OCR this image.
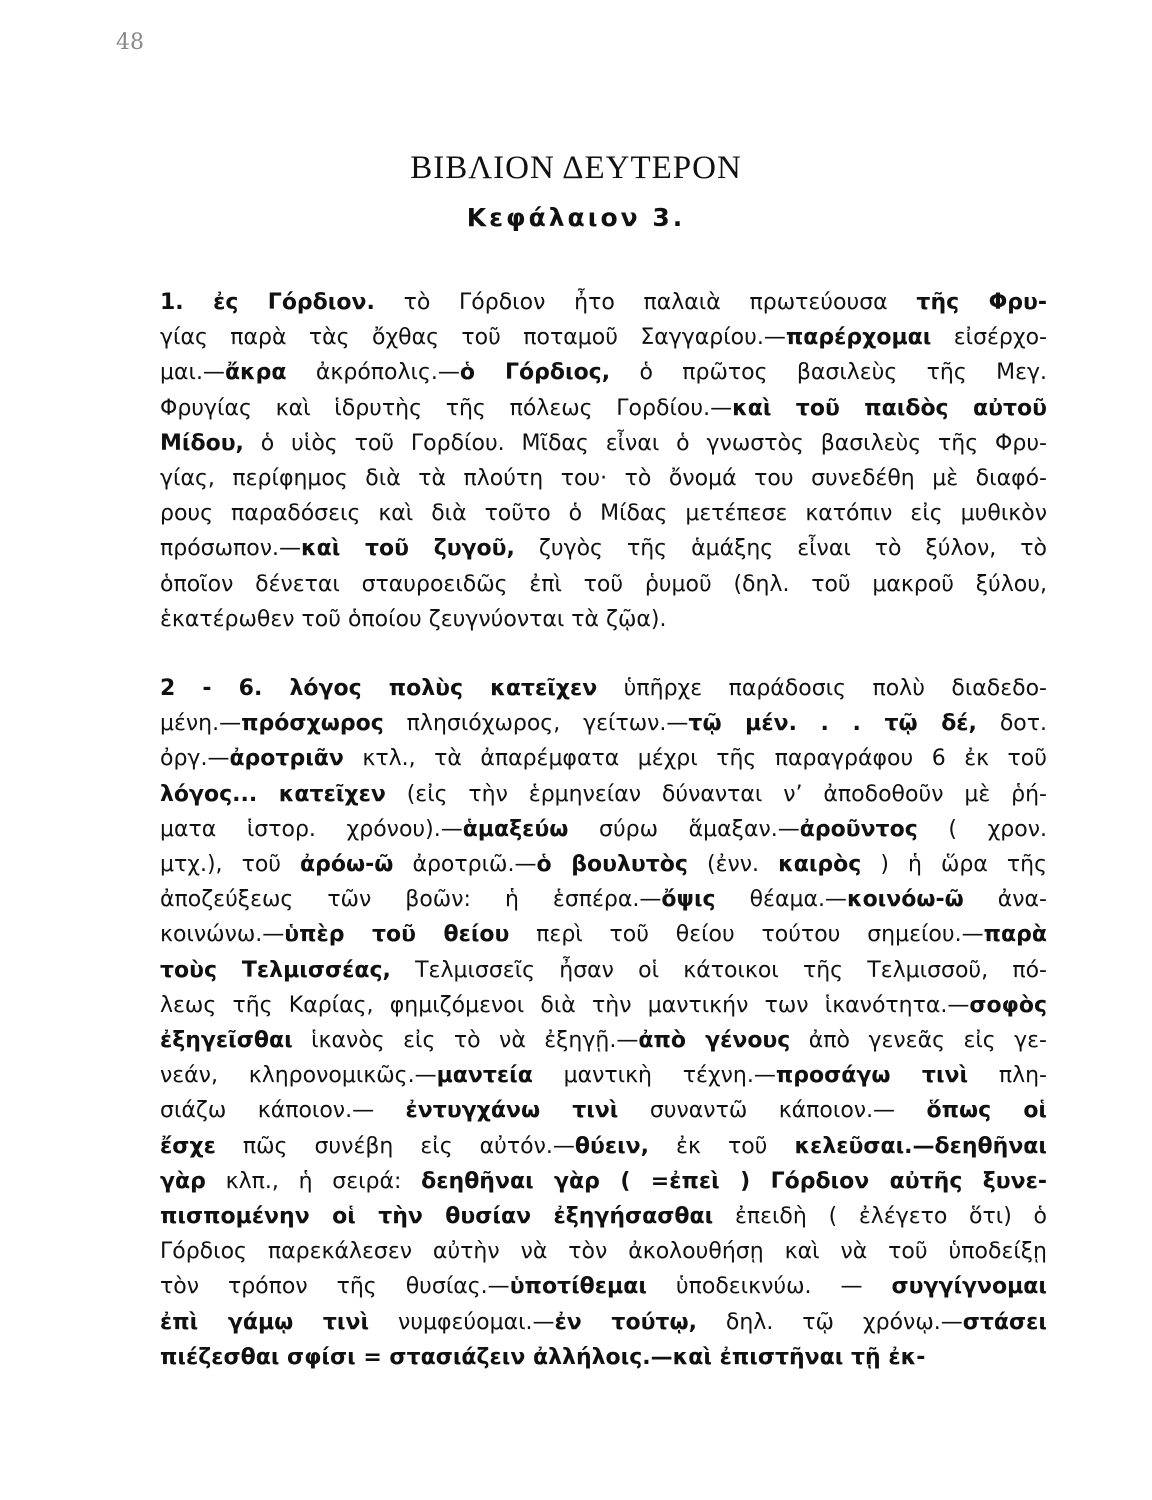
48
ΒΙΒΛΙΟΝ ΔΕΥΤΕΡΟΝ
Κεφάλαιον 3.
1. ἐς Γόρδιον. τὸ Γόρδιον ἦτο παλαιὰ πρωτεύουσα τῆς Φρυ-
γίας παρὰ τὰς ὄχθας τοῦ ποταμοῦ Σαγγαρίου.—παρέρχομαι εἰσέρχο-
μαι.—ἄκρα ἀκρόπολις.—ὁ Γόρδιος, ὁ πρῶτος βασιλεὺς τῆς Μεγ.
Φρυγίας καὶ ἱδρυτὴς τῆς πόλεως Γορδίου.—καὶ τοῦ παιδὸς αὐτοῦ
Μίδου, ὁ υἱὸς τοῦ Γορδίου. Μῖδας εἶναι ὁ γνωστὸς βασιλεὺς τῆς Φρυ-
γίας, περίφημος διὰ τὰ πλούτη του· τὸ ὄνομά του συνεδέθη μὲ διαφό-
ρους παραδόσεις καὶ διὰ τοῦτο ὁ Μίδας μετέπεσε κατόπιν εἰς μυθικὸν
πρόσωπον.—καὶ τοῦ ζυγοῦ, ζυγὸς τῆς ἁμάξης εἶναι τὸ ξύλον, τὸ
ὁποῖον δένεται σταυροειδῶς ἐπὶ τοῦ ῥυμοῦ (δηλ. τοῦ μακροῦ ξύλου,
ἑκατέρωθεν τοῦ ὁποίου ζευγνύονται τὰ ζῷα).
2 - 6. λόγος πολὺς κατεῖχεν ὑπῆρχε παράδοσις πολὺ διαδεδο-
μένη.—πρόσχωρος πλησιόχωρος, γείτων.—τῷ μέν. . . τῷ δέ, δοτ.
ὀργ.—ἀροτριᾶν κτλ., τὰ ἀπαρέμφατα μέχρι τῆς παραγράφου 6 ἐκ τοῦ
λόγος... κατεῖχεν (εἰς τὴν ἑρμηνείαν δύνανται ν’ ἀποδοθοῦν μὲ ῥή-
ματα ἱστορ. χρόνου).—ἁμαξεύω σύρω ἅμαξαν.—ἀροῦντος ( χρον.
μτχ.), τοῦ ἀρόω-ῶ ἀροτριῶ.—ὁ βουλυτὸς (ἐνν. καιρὸς ) ἡ ὥρα τῆς
ἀποζεύξεως τῶν βοῶν: ἡ ἑσπέρα.—ὄψις θέαμα.—κοινόω-ῶ ἀνα-
κοινώνω.—ὑπὲρ τοῦ θείου περὶ τοῦ θείου τούτου σημείου.—παρὰ
τοὺς Τελμισσέας, Τελμισσεῖς ἦσαν οἱ κάτοικοι τῆς Τελμισσοῦ, πό-
λεως τῆς Καρίας, φημιζόμενοι διὰ τὴν μαντικήν των ἱκανότητα.—σοφὸς
ἐξηγεῖσθαι ἱκανὸς εἰς τὸ νὰ ἐξηγῇ.—ἀπὸ γένους ἀπὸ γενεᾶς εἰς γε-
νεάν, κληρονομικῶς.—μαντεία μαντικὴ τέχνη.—προσάγω τινὶ πλη-
σιάζω κάποιον.— ἐντυγχάνω τινὶ συναντῶ κάποιον.— ὅπως οἱ
ἔσχε πῶς συνέβη εἰς αὐτόν.—θύειν, ἐκ τοῦ κελεῦσαι.—δεηθῆναι
γὰρ κλπ., ἡ σειρά: δεηθῆναι γὰρ ( =ἐπεὶ ) Γόρδιον αὐτῆς ξυνε-
πισπομένην οἱ τὴν θυσίαν ἐξηγήσασθαι ἐπειδὴ ( ἐλέγετο ὅτι) ὁ
Γόρδιος παρεκάλεσεν αὐτὴν νὰ τὸν ἀκολουθήσῃ καὶ νὰ τοῦ ὑποδείξῃ
τὸν τρόπον τῆς θυσίας.—ὑποτίθεμαι ὑποδεικνύω. — συγγίγνομαι
ἐπὶ γάμῳ τινὶ νυμφεύομαι.—ἐν τούτῳ, δηλ. τῷ χρόνῳ.—στάσει
πιέζεσθαι σφίσι = στασιάζειν ἀλλήλοις.—καὶ ἐπιστῆναι τῇ ἐκ-
